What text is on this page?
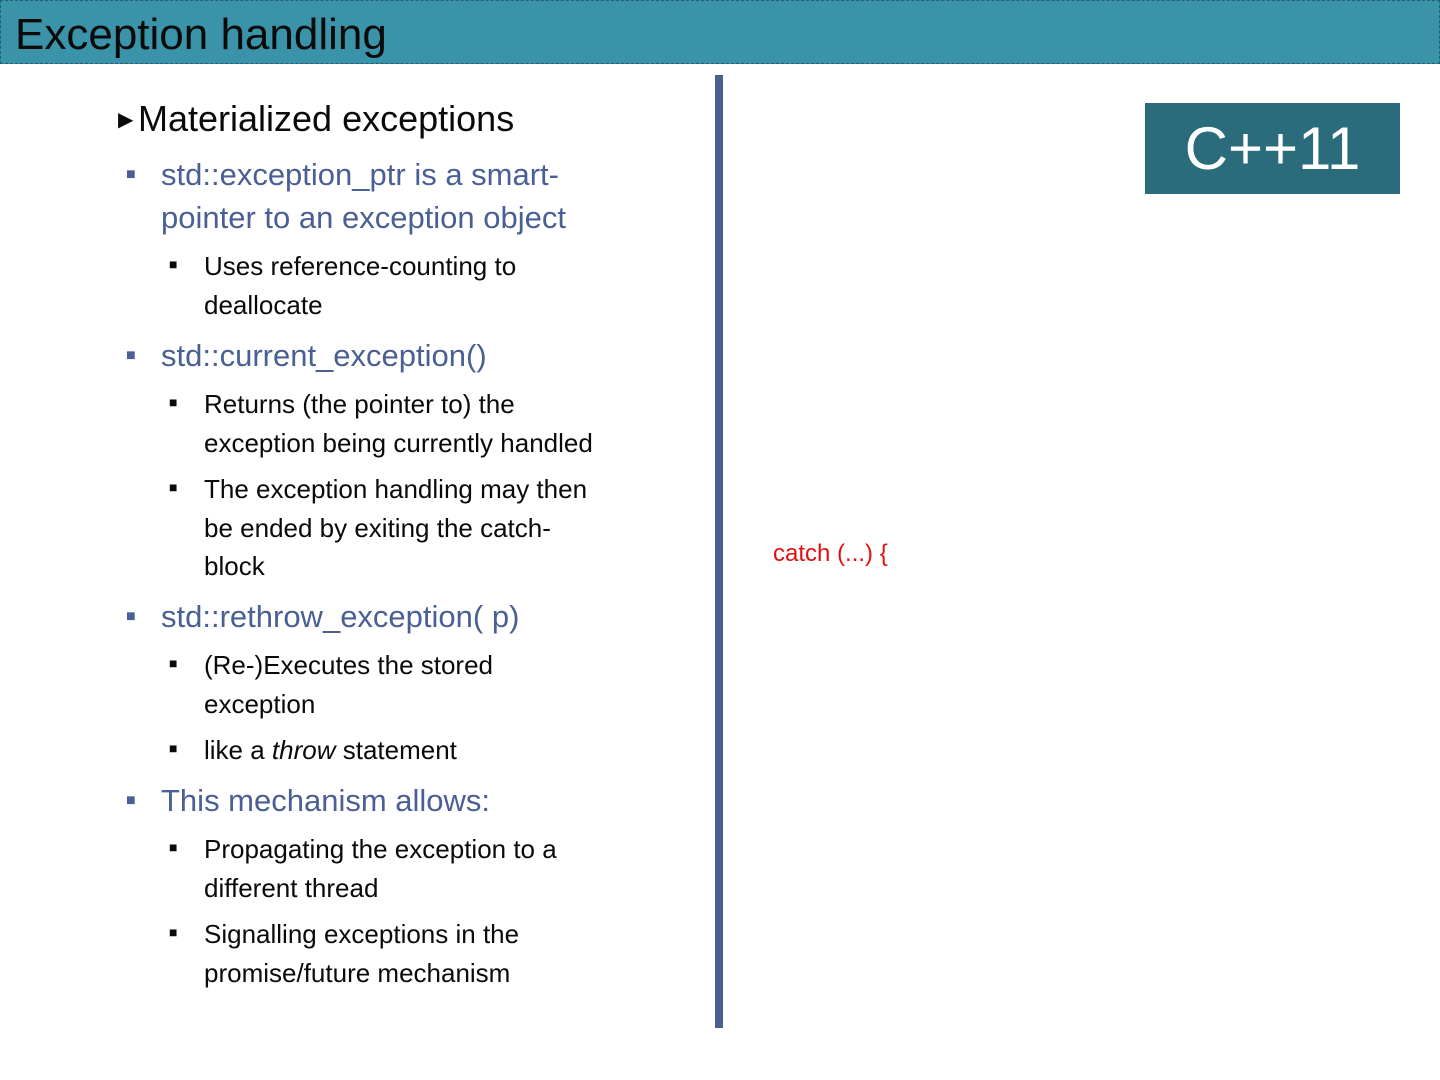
Exception handling
C++11
catch (...) {
▶ Materialized exceptions
■ std::exception_ptr is a smart-
pointer to an exception object
■ Uses reference-counting to
deallocate
■ std::current_exception()
■ Returns (the pointer to) the
exception being currently handled
■ The exception handling may then
be ended by exiting the catch-
block
■ std::rethrow_exception( p)
■ (Re-)Executes the stored
exception
■ like a throw statement
■ This mechanism allows:
■ Propagating the exception to a
different thread
■ Signalling exceptions in the
promise/future mechanism
